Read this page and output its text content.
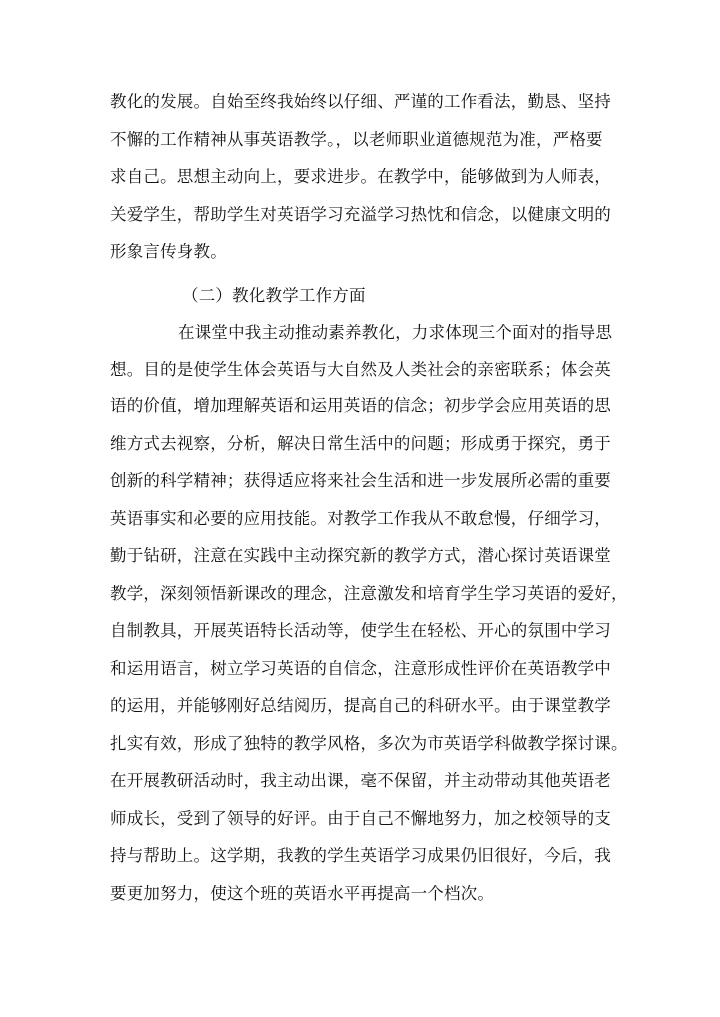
教化的发展。自始至终我始终以仔细、严谨的工作看法，勤恳、坚持
不懈的工作精神从事英语教学。，以老师职业道德规范为准，严格要
求自己。思想主动向上，要求进步。在教学中，能够做到为人师表，
关爱学生，帮助学生对英语学习充溢学习热忱和信念，以健康文明的
形象言传身教。
（二）教化教学工作方面
在课堂中我主动推动素养教化，力求体现三个面对的指导思
想。目的是使学生体会英语与大自然及人类社会的亲密联系；体会英
语的价值，增加理解英语和运用英语的信念；初步学会应用英语的思
维方式去视察，分析，解决日常生活中的问题；形成勇于探究，勇于
创新的科学精神；获得适应将来社会生活和进一步发展所必需的重要
英语事实和必要的应用技能。对教学工作我从不敢怠慢，仔细学习，
勤于钻研，注意在实践中主动探究新的教学方式，潜心探讨英语课堂
教学，深刻领悟新课改的理念，注意激发和培育学生学习英语的爱好，
自制教具，开展英语特长活动等，使学生在轻松、开心的氛围中学习
和运用语言，树立学习英语的自信念，注意形成性评价在英语教学中
的运用，并能够刚好总结阅历，提高自己的科研水平。由于课堂教学
扎实有效，形成了独特的教学风格，多次为市英语学科做教学探讨课。
在开展教研活动时，我主动出课，毫不保留，并主动带动其他英语老
师成长，受到了领导的好评。由于自己不懈地努力，加之校领导的支
持与帮助上。这学期，我教的学生英语学习成果仍旧很好，今后，我
要更加努力，使这个班的英语水平再提高一个档次。
